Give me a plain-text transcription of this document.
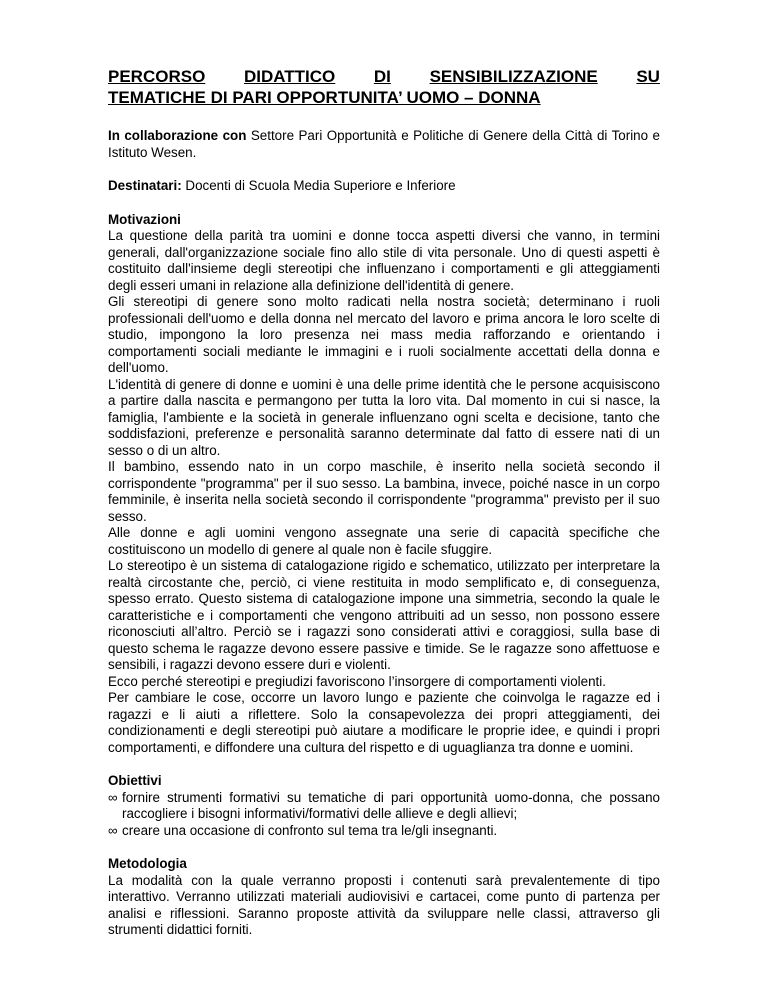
PERCORSO DIDATTICO DI SENSIBILIZZAZIONE SU
TEMATICHE DI PARI OPPORTUNITA’ UOMO – DONNA

In collaborazione con Settore Pari Opportunità e Politiche di Genere della Città di Torino e Istituto Wesen.

Destinatari: Docenti di Scuola Media Superiore e Inferiore

Motivazioni

La questione della parità tra uomini e donne tocca aspetti diversi che vanno, in termini generali, dall'organizzazione sociale fino allo stile di vita personale. Uno di questi aspetti è costituito dall'insieme degli stereotipi che influenzano i comportamenti e gli atteggiamenti degli esseri umani in relazione alla definizione dell'identità di genere.

Gli stereotipi di genere sono molto radicati nella nostra società; determinano i ruoli professionali dell'uomo e della donna nel mercato del lavoro e prima ancora le loro scelte di studio, impongono la loro presenza nei mass media rafforzando e orientando i comportamenti sociali mediante le immagini e i ruoli socialmente accettati della donna e dell'uomo.

L'identità di genere di donne e uomini è una delle prime identità che le persone acquisiscono a partire dalla nascita e permangono per tutta la loro vita. Dal momento in cui si nasce, la famiglia, l'ambiente e la società in generale influenzano ogni scelta e decisione, tanto che soddisfazioni, preferenze e personalità saranno determinate dal fatto di essere nati di un sesso o di un altro.

Il bambino, essendo nato in un corpo maschile, è inserito nella società secondo il corrispondente "programma" per il suo sesso. La bambina, invece, poiché nasce in un corpo femminile, è inserita nella società secondo il corrispondente "programma" previsto per il suo sesso.

Alle donne e agli uomini vengono assegnate una serie di capacità specifiche che costituiscono un modello di genere al quale non è facile sfuggire.

Lo stereotipo è un sistema di catalogazione rigido e schematico, utilizzato per interpretare la realtà circostante che, perciò, ci viene restituita in modo semplificato e, di conseguenza, spesso errato. Questo sistema di catalogazione impone una simmetria, secondo la quale le caratteristiche e i comportamenti che vengono attribuiti ad un sesso, non possono essere riconosciuti all’altro. Perciò se i ragazzi sono considerati attivi e coraggiosi, sulla base di questo schema le ragazze devono essere passive e timide. Se le ragazze sono affettuose e sensibili, i ragazzi devono essere duri e violenti.

Ecco perché stereotipi e pregiudizi favoriscono l’insorgere di comportamenti violenti.

Per cambiare le cose, occorre un lavoro lungo e paziente che coinvolga le ragazze ed i ragazzi e li aiuti a riflettere. Solo la consapevolezza dei propri atteggiamenti, dei condizionamenti e degli stereotipi può aiutare a modificare le proprie idee, e quindi i propri comportamenti, e diffondere una cultura del rispetto e di uguaglianza tra donne e uomini.

Obiettivi
∞ fornire strumenti formativi su tematiche di pari opportunità uomo-donna, che possano raccogliere i bisogni informativi/formativi delle allieve e degli allievi;
∞ creare una occasione di confronto sul tema tra le/gli insegnanti.
Metodologia

La modalità con la quale verranno proposti i contenuti sarà prevalentemente di tipo interattivo. Verranno utilizzati materiali audiovisivi e cartacei, come punto di partenza per analisi e riflessioni. Saranno proposte attività da sviluppare nelle classi, attraverso gli strumenti didattici forniti.
